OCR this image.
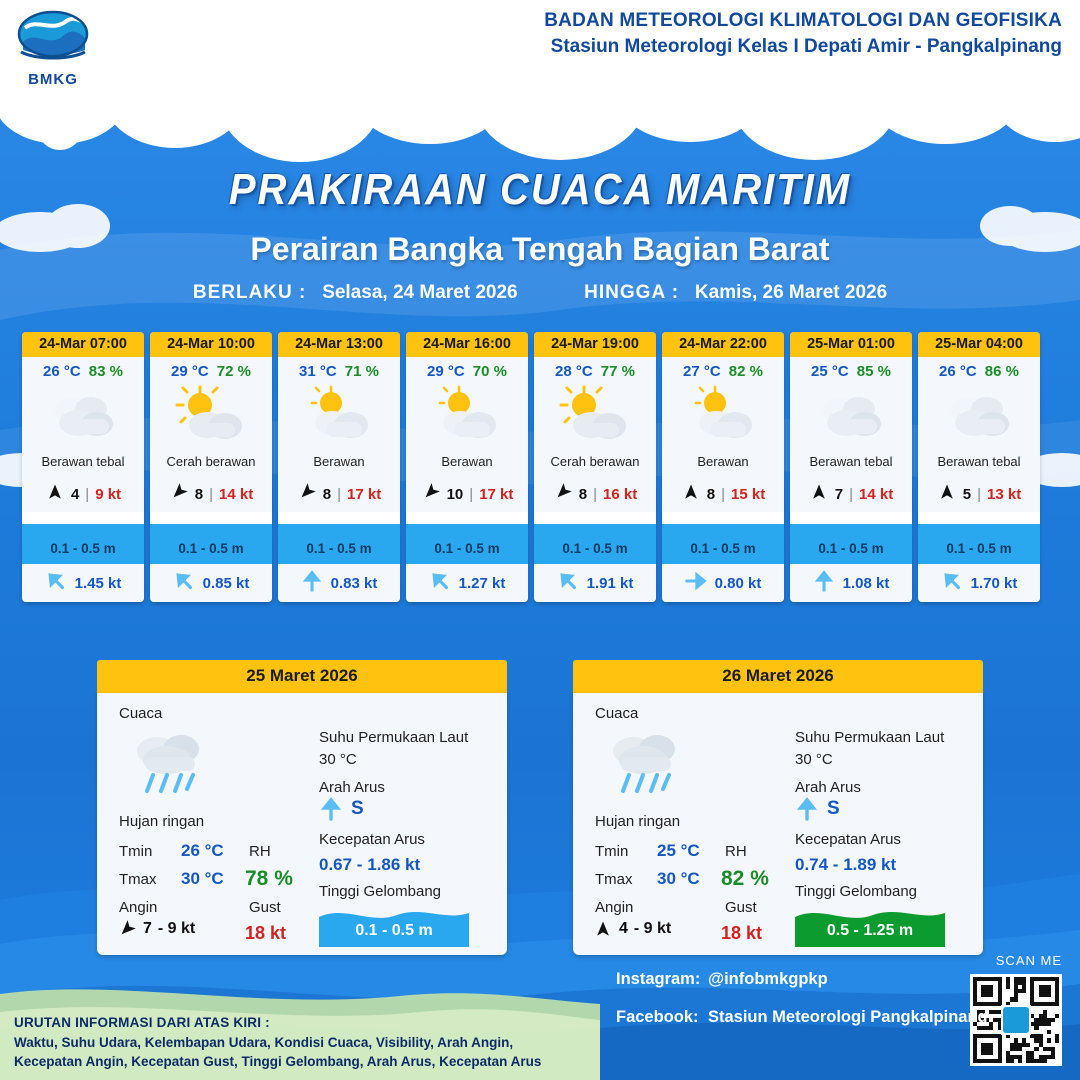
BMKG
BADAN METEOROLOGI KLIMATOLOGI DAN GEOFISIKA
Stasiun Meteorologi Kelas I Depati Amir - Pangkalpinang
PRAKIRAAN CUACA MARITIM
Perairan Bangka Tengah Bagian Barat
BERLAKU : Selasa, 24 Maret 2026	HINGGA : Kamis, 26 Maret 2026
24-Mar 07:00
26 °C 83 %
Berawan tebal
4 | 9 kt
0.1 - 0.5 m
1.45 kt
24-Mar 10:00
29 °C 72 %
Cerah berawan
8 | 14 kt
0.1 - 0.5 m
0.85 kt
24-Mar 13:00
31 °C 71 %
Berawan
8 | 17 kt
0.1 - 0.5 m
0.83 kt
24-Mar 16:00
29 °C 70 %
Berawan
10 | 17 kt
0.1 - 0.5 m
1.27 kt
24-Mar 19:00
28 °C 77 %
Cerah berawan
8 | 16 kt
0.1 - 0.5 m
1.91 kt
24-Mar 22:00
27 °C 82 %
Berawan
8 | 15 kt
0.1 - 0.5 m
0.80 kt
25-Mar 01:00
25 °C 85 %
Berawan tebal
7 | 14 kt
0.1 - 0.5 m
1.08 kt
25-Mar 04:00
26 °C 86 %
Berawan tebal
5 | 13 kt
0.1 - 0.5 m
1.70 kt
25 Maret 2026
Cuaca
Hujan ringan
Tmin 26 °C
Tmax 30 °C
Angin
7 - 9 kt
RH
78 %
Gust
18 kt
Suhu Permukaan Laut
30 °C
Arah Arus
S
Kecepatan Arus
0.67 - 1.86 kt
Tinggi Gelombang
0.1 - 0.5 m
26 Maret 2026
Cuaca
Hujan ringan
Tmin 25 °C
Tmax 30 °C
Angin
4 - 9 kt
RH
82 %
Gust
18 kt
Suhu Permukaan Laut
30 °C
Arah Arus
S
Kecepatan Arus
0.74 - 1.89 kt
Tinggi Gelombang
0.5 - 1.25 m
URUTAN INFORMASI DARI ATAS KIRI :
Waktu, Suhu Udara, Kelembapan Udara, Kondisi Cuaca, Visibility, Arah Angin,
Kecepatan Angin, Kecepatan Gust, Tinggi Gelombang, Arah Arus, Kecepatan Arus
Instagram: @infobmkgpkp
Facebook: Stasiun Meteorologi Pangkalpinang
SCAN ME
